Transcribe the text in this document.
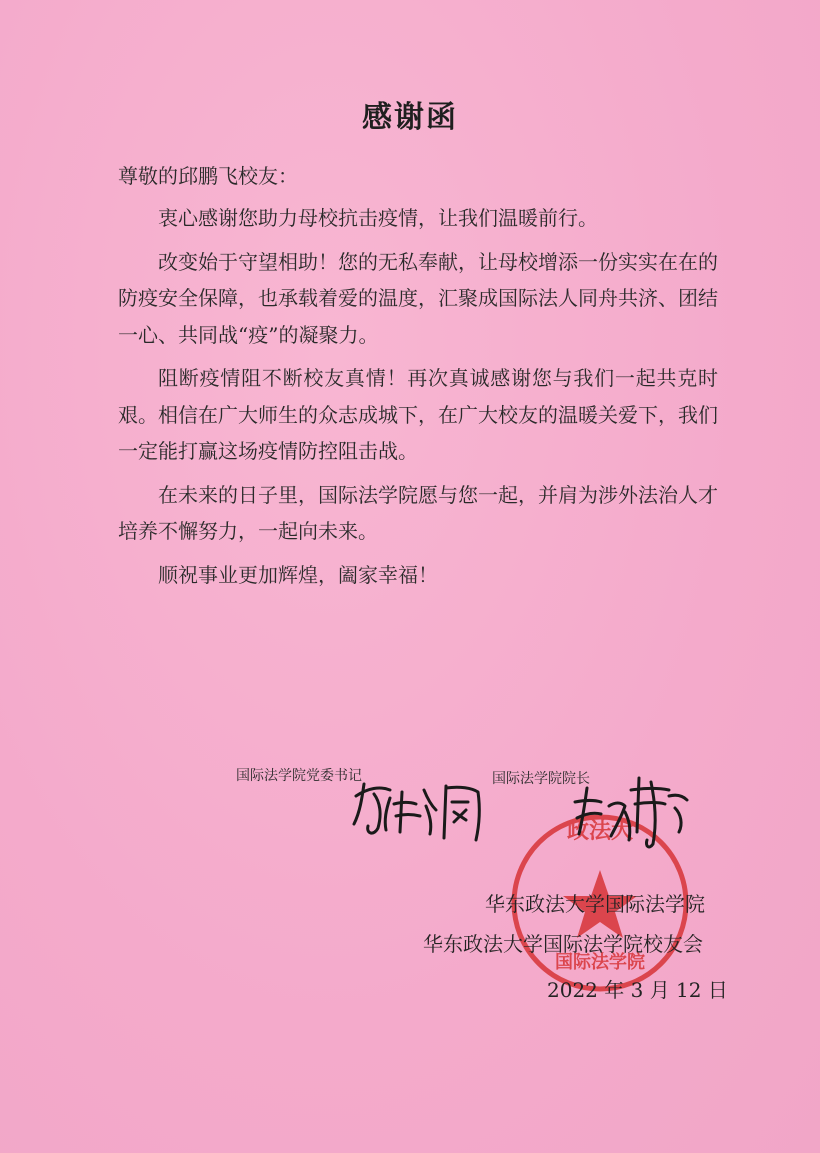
感谢函
尊敬的邱鹏飞校友：

衷心感谢您助力母校抗击疫情，让我们温暖前行。

改变始于守望相助！您的无私奉献，让母校增添一份实实在在的防疫安全保障，也承载着爱的温度，汇聚成国际法人同舟共济、团结一心、共同战“疫”的凝聚力。

阻断疫情阻不断校友真情！再次真诚感谢您与我们一起共克时艰。相信在广大师生的众志成城下，在广大校友的温暖关爱下，我们一定能打赢这场疫情防控阻击战。

在未来的日子里，国际法学院愿与您一起，并肩为涉外法治人才培养不懈努力，一起向未来。

顺祝事业更加辉煌，阖家幸福！

国际法学院党委书记	国际法学院院长
政法大
国际法学院
华东政法大学国际法学院
华东政法大学国际法学院校友会
2022 年 3 月 12 日
